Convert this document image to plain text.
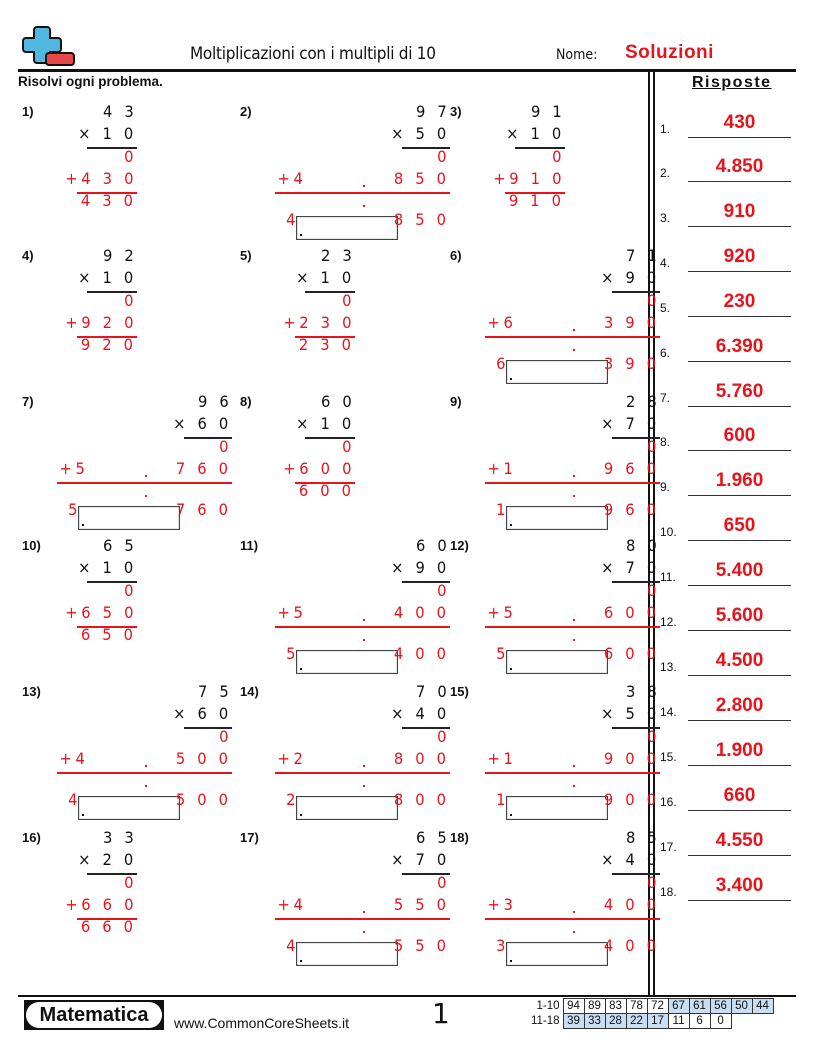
Moltiplicazioni con i multipli di 10	Nome: Soluzioni
Risolvi ogni problema.	Risposte
1.	430
2.	4.850
3.	910
4.	920
5.	230
6.	6.390
7.	5.760
8.	600
9.	1.960
10.	650
11.	5.400
12.	5.600
13.	4.500
14.	2.800
15.	1.900
16.	660
17.	4.550
18.	3.400
1)	4 3
× 1 0
0
+4 3 0
4 3 0
2)	9 7
× 5 0
0
+4	8 5 0
4	8 5 0
3)	9 1
× 1 0
0
+9 1 0
9 1 0
4)	9 2
× 1 0
0
+9 2 0
9 2 0
5)	2 3
× 1 0
0
+2 3 0
2 3 0
6)	7 1
× 9 0
0
+6	3 9 0
6	3 9 0
7)	9 6
× 6 0
0
+5	7 6 0
5	7 6 0
8)	6 0
× 1 0
0
+6 0 0
6 0 0
9)	2 8
× 7 0
0
+1	9 6 0
1	9 6 0
10)	6 5
× 1 0
0
+6 5 0
6 5 0
11)	6 0
× 9 0
0
+5	4 0 0
5	4 0 0
12)	8 0
× 7 0
0
+5	6 0 0
5	6 0 0
13)	7 5
× 6 0
0
+4	5 0 0
4	5 0 0
14)	7 0
× 4 0
0
+2	8 0 0
2	8 0 0
15)	3 8
× 5 0
0
+1	9 0 0
1	9 0 0
16)	3 3
× 2 0
0
+6 6 0
6 6 0
17)	6 5
× 7 0
0
+4	5 5 0
4	5 5 0
18)	8 5
× 4 0
0
+3	4 0 0
3	4 0 0
Matematica	www.CommonCoreSheets.it	1	1-10	94	89	83	78	72	67	61	56	50	44
11-18	39	33	28	22	17	11	6	0		
